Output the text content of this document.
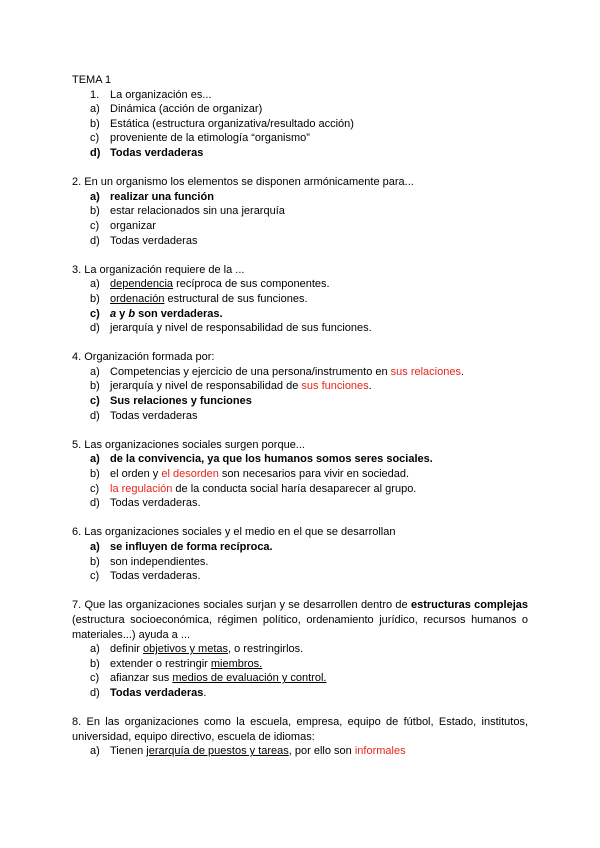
TEMA 1
1. La organización es...
a) Dinámica (acción de organizar)
b) Estática (estructura organizativa/resultado acción)
c) proveniente de la etimología “organismo”
d) Todas verdaderas
2. En un organismo los elementos se disponen armónicamente para...
a) realizar una función
b) estar relacionados sin una jerarquía
c) organizar
d) Todas verdaderas
3. La organización requiere de la ...
a) dependencia recíproca de sus componentes.
b) ordenación estructural de sus funciones.
c) a y b son verdaderas.
d) jerarquía y nivel de responsabilidad de sus funciones.
4. Organización formada por:
a) Competencias y ejercicio de una persona/instrumento en sus relaciones.
b) jerarquía y nivel de responsabilidad de sus funciones.
c) Sus relaciones y funciones
d) Todas verdaderas
5. Las organizaciones sociales surgen porque...
a) de la convivencia, ya que los humanos somos seres sociales.
b) el orden y el desorden son necesarios para vivir en sociedad.
c) la regulación de la conducta social haría desaparecer al grupo.
d) Todas verdaderas.
6. Las organizaciones sociales y el medio en el que se desarrollan
a) se influyen de forma recíproca.
b) son independientes.
c) Todas verdaderas.
7. Que las organizaciones sociales surjan y se desarrollen dentro de estructuras complejas (estructura socioeconómica, régimen político, ordenamiento jurídico, recursos humanos o materiales...) ayuda a ...
a) definir objetivos y metas, o restringirlos.
b) extender o restringir miembros.
c) afianzar sus medios de evaluación y control.
d) Todas verdaderas.
8. En las organizaciones como la escuela, empresa, equipo de fútbol, Estado, institutos, universidad, equipo directivo, escuela de idiomas:
a) Tienen jerarquía de puestos y tareas, por ello son informales
